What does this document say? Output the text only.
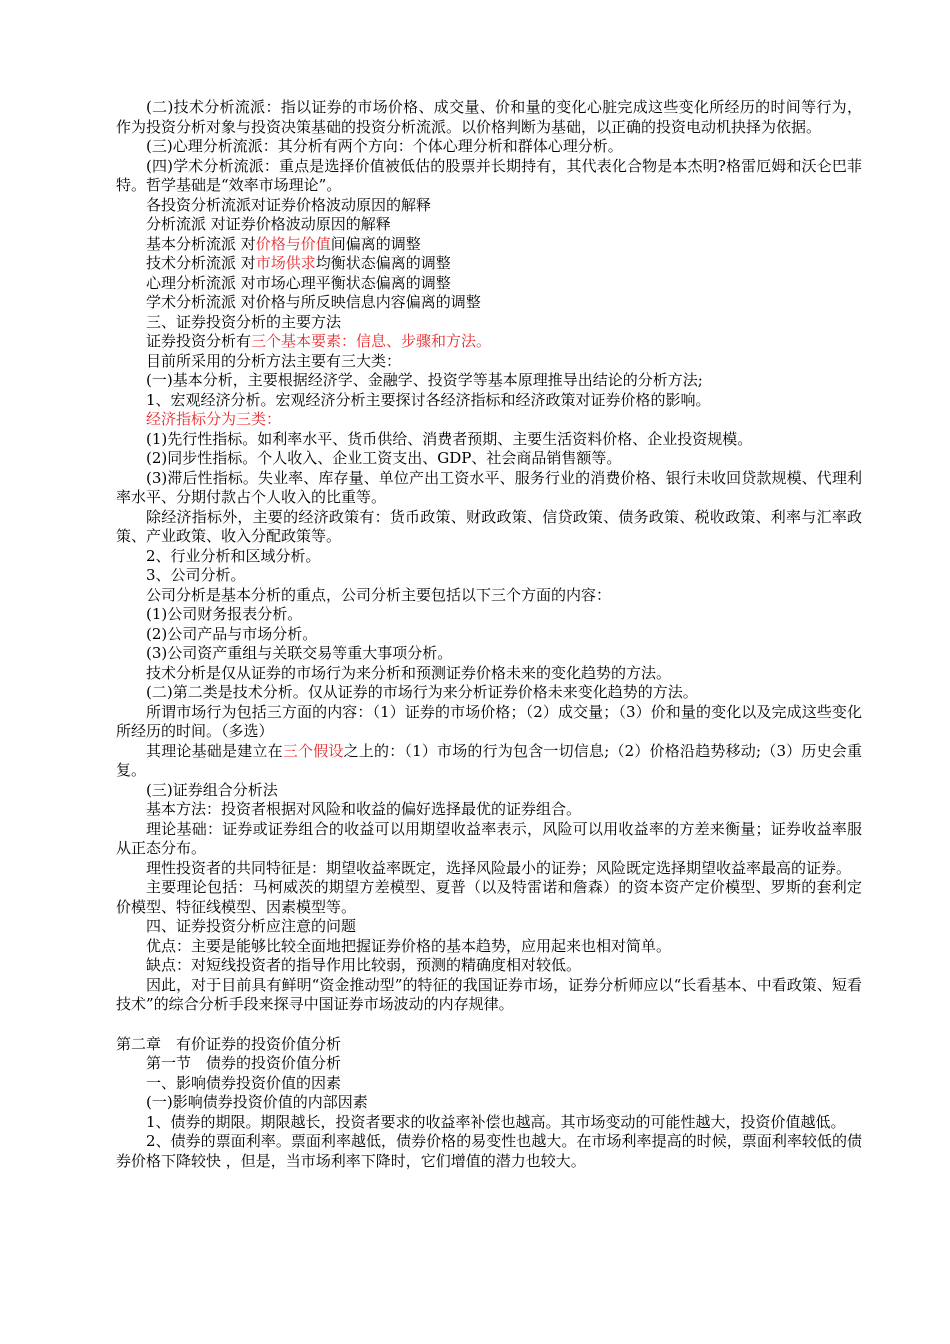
(二)技术分析流派：指以证券的市场价格、成交量、价和量的变化心脏完成这些变化所经历的时间等行为，作为投资分析对象与投资决策基础的投资分析流派。以价格判断为基础，以正确的投资电动机抉择为依据。

(三)心理分析流派：其分析有两个方向：个体心理分析和群体心理分析。

(四)学术分析流派：重点是选择价值被低估的股票并长期持有，其代表化合物是本杰明?格雷厄姆和沃仑巴菲特。哲学基础是“效率市场理论”。

各投资分析流派对证券价格波动原因的解释

分析流派 对证券价格波动原因的解释

基本分析流派 对价格与价值间偏离的调整

技术分析流派 对市场供求均衡状态偏离的调整

心理分析流派 对市场心理平衡状态偏离的调整

学术分析流派 对价格与所反映信息内容偏离的调整

三、证券投资分析的主要方法

证券投资分析有三个基本要素：信息、步骤和方法。

目前所采用的分析方法主要有三大类：

(一)基本分析，主要根据经济学、金融学、投资学等基本原理推导出结论的分析方法;

1、宏观经济分析。宏观经济分析主要探讨各经济指标和经济政策对证券价格的影响。

经济指标分为三类：

(1)先行性指标。如利率水平、货币供给、消费者预期、主要生活资料价格、企业投资规模。

(2)同步性指标。个人收入、企业工资支出、GDP、社会商品销售额等。

(3)滞后性指标。失业率、库存量、单位产出工资水平、服务行业的消费价格、银行未收回贷款规模、代理利率水平、分期付款占个人收入的比重等。

除经济指标外，主要的经济政策有：货币政策、财政政策、信贷政策、债务政策、税收政策、利率与汇率政策、产业政策、收入分配政策等。

2、行业分析和区域分析。

3、公司分析。

公司分析是基本分析的重点，公司分析主要包括以下三个方面的内容：

(1)公司财务报表分析。

(2)公司产品与市场分析。

(3)公司资产重组与关联交易等重大事项分析。

技术分析是仅从证券的市场行为来分析和预测证券价格未来的变化趋势的方法。

(二)第二类是技术分析。仅从证券的市场行为来分析证券价格未来变化趋势的方法。

所谓市场行为包括三方面的内容：（1）证券的市场价格；（2）成交量；（3）价和量的变化以及完成这些变化所经历的时间。（多选）

其理论基础是建立在三个假设之上的：（1）市场的行为包含一切信息;（2）价格沿趋势移动;（3）历史会重复。

(三)证券组合分析法

基本方法：投资者根据对风险和收益的偏好选择最优的证券组合。

理论基础：证券或证券组合的收益可以用期望收益率表示，风险可以用收益率的方差来衡量；证券收益率服从正态分布。

理性投资者的共同特征是：期望收益率既定，选择风险最小的证券；风险既定选择期望收益率最高的证券。

主要理论包括：马柯威茨的期望方差模型、夏普（以及特雷诺和詹森）的资本资产定价模型、罗斯的套利定价模型、特征线模型、因素模型等。

四、证券投资分析应注意的问题

优点：主要是能够比较全面地把握证券价格的基本趋势，应用起来也相对简单。

缺点：对短线投资者的指导作用比较弱，预测的精确度相对较低。

因此，对于目前具有鲜明“资金推动型”的特征的我国证券市场，证券分析师应以“长看基本、中看政策、短看技术”的综合分析手段来探寻中国证券市场波动的内存规律。

第二章　有价证券的投资价值分析

第一节　债券的投资价值分析

一、影响债券投资价值的因素

(一)影响债券投资价值的内部因素

1、债券的期限。期限越长，投资者要求的收益率补偿也越高。其市场变动的可能性越大，投资价值越低。

2、债券的票面利率。票面利率越低，债券价格的易变性也越大。在市场利率提高的时候，票面利率较低的债券价格下降较快 ，但是，当市场利率下降时，它们增值的潜力也较大。
